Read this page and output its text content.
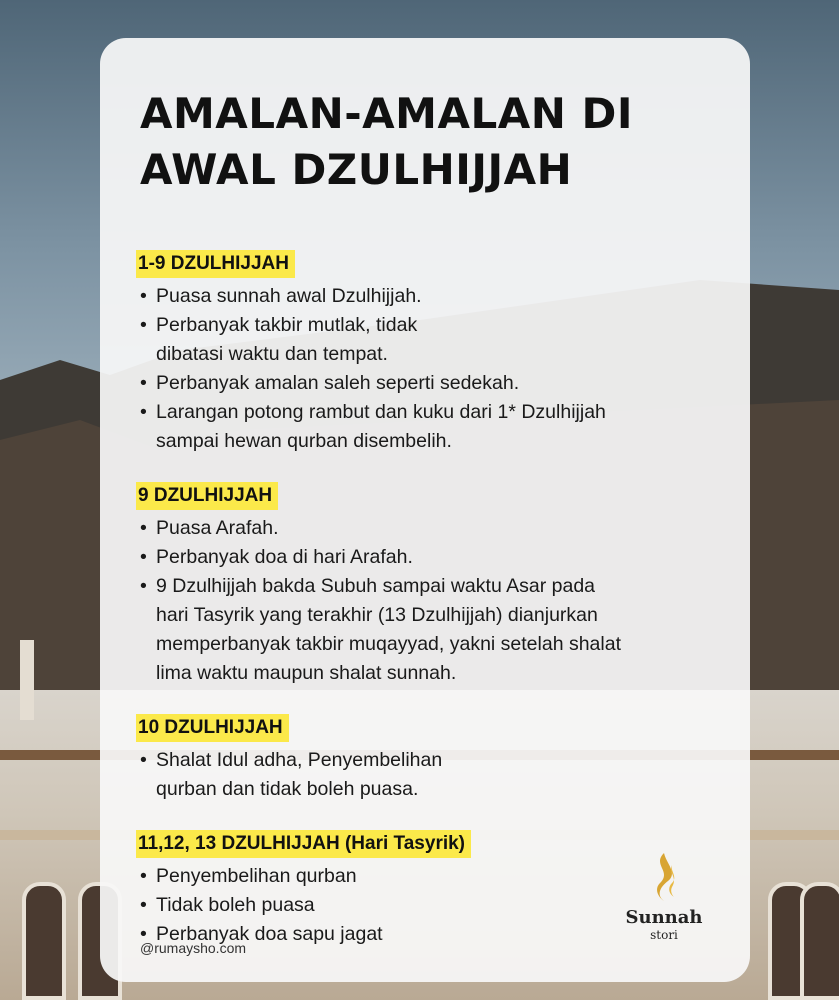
AMALAN-AMALAN DI
AWAL DZULHIJJAH
1-9 DZULHIJJAH
• Puasa sunnah awal Dzulhijjah.
• Perbanyak takbir mutlak, tidak
dibatasi waktu dan tempat.
• Perbanyak amalan saleh seperti sedekah.
• Larangan potong rambut dan kuku dari 1* Dzulhijjah
sampai hewan qurban disembelih.
9 DZULHIJJAH
• Puasa Arafah.
• Perbanyak doa di hari Arafah.
• 9 Dzulhijjah bakda Subuh sampai waktu Asar pada
hari Tasyrik yang terakhir (13 Dzulhijjah) dianjurkan
memperbanyak takbir muqayyad, yakni setelah shalat
lima waktu maupun shalat sunnah.
10 DZULHIJJAH
• Shalat Idul adha, Penyembelihan
qurban dan tidak boleh puasa.
11,12, 13 DZULHIJJAH (Hari Tasyrik)
• Penyembelihan qurban
• Tidak boleh puasa
• Perbanyak doa sapu jagat
@rumaysho.com
Sunnah
stori
